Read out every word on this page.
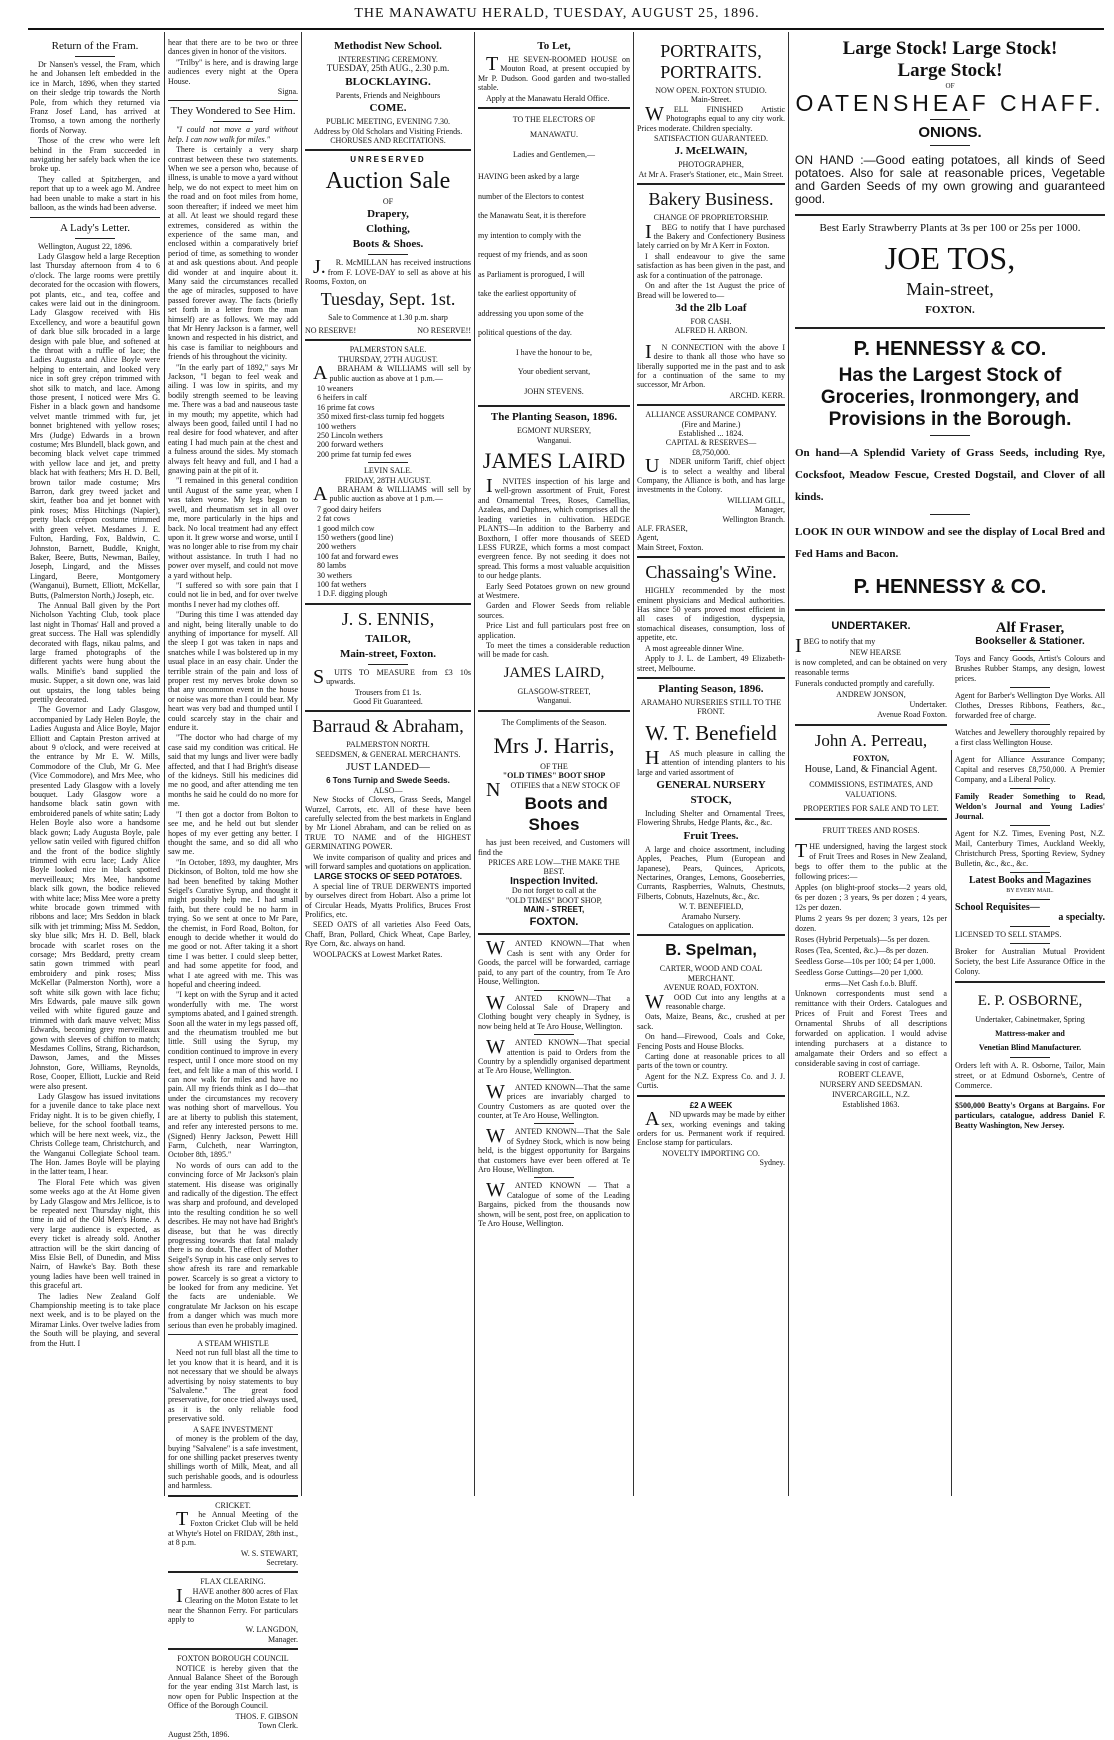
THE MANAWATU HERALD, TUESDAY, AUGUST 25, 1896.
Return of the Fram.

Dr Nansen's vessel, the Fram, which he and Johansen left embedded in the ice in March, 1896, when they started on their sledge trip towards the North Pole, from which they returned via Franz Josef Land, has arrived at Tromso, a town among the northerly fiords of Norway.

Those of the crew who were left behind in the Fram succeeded in navigating her safely back when the ice broke up.

They called at Spitzbergen, and report that up to a week ago M. Andree had been unable to make a start in his balloon, as the winds had been adverse.

A Lady's Letter.

Wellington, August 22, 1896.

Lady Glasgow held a large Reception last Thursday afternoon from 4 to 6 o'clock. The large rooms were prettily decorated for the occasion with flowers, pot plants, etc., and tea, coffee and cakes were laid out in the diningroom. Lady Glasgow received with His Excellency, and wore a beautiful gown of dark blue silk brocaded in a large design with pale blue, and softened at the throat with a ruffle of lace; the Ladies Augusta and Alice Boyle were helping to entertain, and looked very nice in soft grey crépon trimmed with shot silk to match, and lace. Among those present, I noticed were Mrs G. Fisher in a black gown and handsome velvet mantle trimmed with fur, jet bonnet brightened with yellow roses; Mrs (Judge) Edwards in a brown costume; Mrs Blundell, black gown, and becoming black velvet cape trimmed with yellow lace and jet, and pretty black hat with feathers; Mrs H. D. Bell, brown tailor made costume; Mrs Barron, dark grey tweed jacket and skirt, feather boa and jet bonnet with pink roses; Miss Hitchings (Napier), pretty black crépon costume trimmed with green velvet. Mesdames J. E. Fulton, Harding, Fox, Baldwin, C. Johnston, Barnett, Buddle, Knight, Baker, Beere, Butts, Newman, Bailey, Joseph, Lingard, and the Misses Lingard, Beere, Montgomery (Wanganui), Burnett, Elliott, McKellar, Butts, (Palmerston North,) Joseph, etc.

The Annual Ball given by the Port Nicholson Yachting Club, took place last night in Thomas' Hall and proved a great success. The Hall was splendidly decorated with flags, nikau palms, and large framed photographs of the different yachts were hung about the walls. Minifie's band supplied the music. Supper, a sit down one, was laid out upstairs, the long tables being prettily decorated.

The Governor and Lady Glasgow, accompanied by Lady Helen Boyle, the Ladies Augusta and Alice Boyle, Major Elliott and Captain Preston arrived at about 9 o'clock, and were received at the entrance by Mr E. W. Mills, Commodore of the Club, Mr G. Mee (Vice Commodore), and Mrs Mee, who presented Lady Glasgow with a lovely bouquet. Lady Glasgow wore a handsome black satin gown with embroidered panels of white satin; Lady Helen Boyle also wore a handsome black gown; Lady Augusta Boyle, pale yellow satin veiled with figured chiffon and the front of the bodice slightly trimmed with ecru lace; Lady Alice Boyle looked nice in black spotted merveilleaux; Mrs Mee, handsome black silk gown, the bodice relieved with white lace; Miss Mee wore a pretty white brocade gown trimmed with ribbons and lace; Mrs Seddon in black silk with jet trimming; Miss M. Seddon, sky blue silk; Mrs H. D. Bell, black brocade with scarlet roses on the corsage; Mrs Beddard, pretty cream satin gown trimmed with pearl embroidery and pink roses; Miss McKellar (Palmerston North), wore a soft white silk gown with lace fichu; Mrs Edwards, pale mauve silk gown veiled with white figured gauze and trimmed with dark mauve velvet; Miss Edwards, becoming grey merveilleaux gown with sleeves of chiffon to match; Mesdames Collins, Strang, Richardson, Dawson, James, and the Misses Johnston, Gore, Williams, Reynolds, Rose, Cooper, Elliott, Luckie and Reid were also present.

Lady Glasgow has issued invitations for a juvenile dance to take place next Friday night. It is to be given chiefly, I believe, for the school football teams, which will be here next week, viz., the Christs College team, Christchurch, and the Wanganui Collegiate School team. The Hon. James Boyle will be playing in the latter team, I hear.

The Floral Fete which was given some weeks ago at the At Home given by Lady Glasgow and Mrs Jellicoe, is to be repeated next Thursday night, this time in aid of the Old Men's Home. A very large audience is expected, as every ticket is already sold. Another attraction will be the skirt dancing of Miss Elsie Bell, of Dunedin, and Miss Nairn, of Hawke's Bay. Both these young ladies have been well trained in this graceful art.

The ladies New Zealand Golf Championship meeting is to take place next week, and is to be played on the Miramar Links. Over twelve ladies from the South will be playing, and several from the Hutt. I

hear that there are to be two or three dances given in honor of the visitors.

"Trilby" is here, and is drawing large audiences every night at the Opera House.

Signa.
They Wondered to See Him.

"I could not move a yard without help. I can now walk for miles."

There is certainly a very sharp contrast between these two statements. When we see a person who, because of illness, is unable to move a yard without help, we do not expect to meet him on the road and on foot miles from home, soon thereafter; if indeed we meet him at all. At least we should regard these extremes, considered as within the experience of the same man, and enclosed within a comparatively brief period of time, as something to wonder at and ask questions about. And people did wonder at and inquire about it. Many said the circumstances recalled the age of miracles, supposed to have passed forever away. The facts (briefly set forth in a letter from the man himself) are as follows. We may add that Mr Henry Jackson is a farmer, well known and respected in his district, and his case is familiar to neighbours and friends of his throughout the vicinity.

"In the early part of 1892," says Mr Jackson, "I began to feel weak and ailing. I was low in spirits, and my bodily strength seemed to be leaving me. There was a bad and nauseous taste in my mouth; my appetite, which had always been good, failed until I had no real desire for food whatever, and after eating I had much pain at the chest and a fulness around the sides. My stomach always felt heavy and full, and I had a gnawing pain at the pit of it.

"I remained in this general condition until August of the same year, when I was taken worse. My legs began to swell, and rheumatism set in all over me, more particularly in the hips and back. No local treatment had any effect upon it. It grew worse and worse, until I was no longer able to rise from my chair without assistance. In truth I had no power over myself, and could not move a yard without help.

"I suffered so with sore pain that I could not lie in bed, and for over twelve months I never had my clothes off.

"During this time I was attended day and night, being literally unable to do anything of importance for myself. All the sleep I got was taken in naps and snatches while I was bolstered up in my usual place in an easy chair. Under the terrible strain of the pain and loss of proper rest my nerves broke down so that any uncommon event in the house or noise was more than I could bear. My heart was very bad and thumped until I could scarcely stay in the chair and endure it.

"The doctor who had charge of my case said my condition was critical. He said that my lungs and liver were badly affected, and that I had Bright's disease of the kidneys. Still his medicines did me no good, and after attending me ten months he said he could do no more for me.

"I then got a doctor from Bolton to see me, and he held out but slender hopes of my ever getting any better. I thought the same, and so did all who saw me.

"In October, 1893, my daughter, Mrs Dickinson, of Bolton, told me how she had been benefited by taking Mother Seigel's Curative Syrup, and thought it might possibly help me. I had small faith, but there could be no harm in trying. So we sent at once to Mr Pare, the chemist, in Ford Road, Bolton, for enough to decide whether it would do me good or not. After taking it a short time I was better. I could sleep better, and had some appetite for food, and what I ate agreed with me. This was hopeful and cheering indeed.

"I kept on with the Syrup and it acted wonderfully with me. The worst symptoms abated, and I gained strength. Soon all the water in my legs passed off, and the rheumatism troubled me but little. Still using the Syrup, my condition continued to improve in every respect, until I once more stood on my feet, and felt like a man of this world. I can now walk for miles and have no pain. All my friends think as I do—that under the circumstances my recovery was nothing short of marvellous. You are at liberty to publish this statement, and refer any interested persons to me. (Signed) Henry Jackson, Pewett Hill Farm, Culcheth, near Warrington, October 8th, 1895."

No words of ours can add to the convincing force of Mr Jackson's plain statement. His disease was originally and radically of the digestion. The effect was sharp and profound, and developed into the resulting condition he so well describes. He may not have had Bright's disease, but that he was directly progressing towards that fatal malady there is no doubt. The effect of Mother Seigel's Syrup in his case only serves to show afresh its rare and remarkable power. Scarcely is so great a victory to be looked for from any medicine. Yet the facts are undeniable. We congratulate Mr Jackson on his escape from a danger which was much more serious than even he probably imagined.

A STEAM WHISTLE

Need not run full blast all the time to let you know that it is heard, and it is not necessary that we should be always advertising by noisy statements to buy "Salvalene." The great food preservative, for once tried always used, as it is the only reliable food preservative sold.

A SAFE INVESTMENT

of money is the problem of the day, buying "Salvalene" is a safe investment, for one shilling packet preserves twenty shillings worth of Milk, Meat, and all such perishable goods, and is odourless and harmless.

CRICKET.

The Annual Meeting of the Foxton Cricket Club will be held at Whyte's Hotel on FRIDAY, 28th inst., at 8 p.m.

W. S. STEWART,
Secretary.
FLAX CLEARING.

IHAVE another 800 acres of Flax Clearing on the Moton Estate to let near the Shannon Ferry. For particulars apply to

W. LANGDON,
Manager.
FOXTON BOROUGH COUNCIL

NOTICE is hereby given that the Annual Balance Sheet of the Borough for the year ending 31st March last, is now open for Public Inspection at the Office of the Borough Council.

THOS. F. GIBSON
Town Clerk.
August 25th, 1896.
Methodist New School.
INTERESTING CEREMONY.
TUESDAY, 25th AUG., 2.30 p.m.
BLOCKLAYING.
Parents, Friends and Neighbours
COME.
PUBLIC MEETING, EVENING 7.30.
Address by Old Scholars and Visiting Friends.
CHORUSES AND RECITATIONS.
UNRESERVED
Auction Sale
OF
Drapery,
Clothing,
Boots & Shoes.

J.R. McMILLAN has received instructions from F. LOVE-DAY to sell as above at his Rooms, Foxton, on

Tuesday, Sept. 1st.
Sale to Commence at 1.30 p.m. sharp
NO RESERVE!	NO RESERVE!!
PALMERSTON SALE.
THURSDAY, 27TH AUGUST.

ABRAHAM & WILLIAMS will sell by public auction as above at 1 p.m.—

10 weaners
6 heifers in calf
16 prime fat cows
350 mixed first-class turnip fed hoggets
100 wethers
250 Lincoln wethers
200 forward wethers
200 prime fat turnip fed ewes
LEVIN SALE.
FRIDAY, 28TH AUGUST.

ABRAHAM & WILLIAMS will sell by public auction as above at 1 p.m.—

7 good dairy heifers
2 fat cows
1 good milch cow
150 wethers (good line)
200 wethers
100 fat and forward ewes
80 lambs
30 wethers
100 fat wethers
1 D.F. digging plough
J. S. ENNIS,
TAILOR,
Main-street, Foxton.

SUITS TO MEASURE from £3 10s upwards.

Trousers from £1 1s.
Good Fit Guaranteed.
Barraud & Abraham,
PALMERSTON NORTH.
SEEDSMEN, & GENERAL MERCHANTS.
JUST LANDED—
6 Tons Turnip and Swede Seeds.
ALSO—

New Stocks of Clovers, Grass Seeds, Mangel Wurzel, Carrots, etc. All of these have been carefully selected from the best markets in England by Mr Lionel Abraham, and can be relied on as TRUE TO NAME and of the HIGHEST GERMINATING POWER.

We invite comparison of quality and prices and will forward samples and quotations on application.

LARGE STOCKS OF SEED POTATOES.

A special line of TRUE DERWENTS imported by ourselves direct from Hobart. Also a prime lot of Circular Heads, Myatts Prolifics, Bruces Frost Prolifics, etc.

SEED OATS of all varieties Also Feed Oats, Chaff, Bran, Pollard, Chick Wheat, Cape Barley, Rye Corn, &c. always on hand.

WOOLPACKS at Lowest Market Rates.

To Let,

THE SEVEN-ROOMED HOUSE on Mouton Road, at present occupied by Mr P. Dudson. Good garden and two-stalled stable.

Apply at the Manawatu Herald Office.

TO THE ELECTORS OF
MANAWATU.
Ladies and Gentlemen,—
HAVING been asked by a large
number of the Electors to contest
the Manawatu Seat, it is therefore
my intention to comply with the
request of my friends, and as soon
as Parliament is prorogued, I will
take the earliest opportunity of
addressing you upon some of the
political questions of the day.
I have the honour to be,
Your obedient servant,
JOHN STEVENS.
The Planting Season, 1896.
EGMONT NURSERY,
Wanganui.
JAMES LAIRD

INVITES inspection of his large and well-grown assortment of Fruit, Forest and Ornamental Trees, Roses, Camellias, Azaleas, and Daphnes, which comprises all the leading varieties in cultivation. HEDGE PLANTS—In addition to the Barberry and Boxthorn, I offer more thousands of SEED LESS FURZE, which forms a most compact evergreen fence. By not seeding it does not spread. This forms a most valuable acquisition to our hedge plants.

Early Seed Potatoes grown on new ground at Westmere.

Garden and Flower Seeds from reliable sources.

Price List and full particulars post free on application.

To meet the times a considerable reduction will be made for cash.

JAMES LAIRD,
GLASGOW-STREET,
Wanganui.
The Compliments of the Season.
Mrs J. Harris,
OF THE
"OLD TIMES" BOOT SHOP

NOTIFIES that a NEW STOCK OF

Boots and Shoes

has just been received, and Customers will find the

PRICES ARE LOW—THE MAKE THE BEST.
Inspection Invited.
Do not forget to call at the
"OLD TIMES" BOOT SHOP,
MAIN - STREET,
FOXTON.

WANTED KNOWN—That when Cash is sent with any Order for Goods, the parcel will be forwarded, carriage paid, to any part of the country, from Te Aro House, Wellington.

WANTED KNOWN—That a Colossal Sale of Drapery and Clothing bought very cheaply in Sydney, is now being held at Te Aro House, Wellington.

WANTED KNOWN—That special attention is paid to Orders from the Country by a splendidly organised department at Te Aro House, Wellington.

WANTED KNOWN—That the same prices are invariably charged to Country Customers as are quoted over the counter, at Te Aro House, Wellington.

WANTED KNOWN—That the Sale of Sydney Stock, which is now being held, is the biggest opportunity for Bargains that customers have ever been offered at Te Aro House, Wellington.

WANTED KNOWN — That a Catalogue of some of the Leading Bargains, picked from the thousands now shown, will be sent, post free, on application to Te Aro House, Wellington.

PORTRAITS, PORTRAITS.
NOW OPEN. FOXTON STUDIO.
Main-Street.

WELL FINISHED Artistic Photographs equal to any city work. Prices moderate. Children specialty.

SATISFACTION GUARANTEED.
J. McELWAIN,
PHOTOGRAPHER,
At Mr A. Fraser's Stationer, etc., Main Street.
Bakery Business.
CHANGE OF PROPRIETORSHIP.

IBEG to notify that I have purchased the Bakery and Confectionery Business lately carried on by Mr A Kerr in Foxton.

I shall endeavour to give the same satisfaction as has been given in the past, and ask for a continuation of the patronage.

On and after the 1st August the price of Bread will be lowered to—

3d the 2lb Loaf
FOR CASH.
ALFRED H. ARBON.

IN CONNECTION with the above I desire to thank all those who have so liberally supported me in the past and to ask for a continuation of the same to my successor, Mr Arbon.

ARCHD. KERR.
ALLIANCE ASSURANCE COMPANY.
(Fire and Marine.)
Established ... 1824.
CAPITAL & RESERVES—
£8,750,000.

UNDER uniform Tariff, chief object is to select a wealthy and liberal Company, the Alliance is both, and has large investments in the Colony.

WILLIAM GILL,
Manager,
Wellington Branch.
ALF. FRASER,
Agent,
Main Street, Foxton.
Chassaing's Wine.

HIGHLY recommended by the most eminent physicians and Medical authorities. Has since 50 years proved most efficient in all cases of indigestion, dyspepsia, stomachical diseases, consumption, loss of appetite, etc.

A most agreeable dinner Wine.

Apply to J. L. de Lambert, 49 Elizabeth-street, Melbourne.

Planting Season, 1896.
ARAMAHO NURSERIES STILL TO THE FRONT.
W. T. Benefield

HAS much pleasure in calling the attention of intending planters to his large and varied assortment of

GENERAL NURSERY
STOCK,

Including Shelter and Ornamental Trees, Flowering Shrubs, Hedge Plants, &c., &c.

Fruit Trees.

A large and choice assortment, including Apples, Peaches, Plum (European and Japanese), Pears, Quinces, Apricots, Nectarines, Oranges, Lemons, Gooseberries, Currants, Raspberries, Walnuts, Chestnuts, Filberts, Cobnuts, Hazelnuts, &c., &c.

W. T. BENEFIELD,
Aramaho Nursery.
Catalogues on application.
B. Spelman,
CARTER, WOOD AND COAL MERCHANT.
AVENUE ROAD, FOXTON.

WOOD Cut into any lengths at a reasonable charge.

Oats, Maize, Beans, &c., crushed at per sack.

On hand—Firewood, Coals and Coke, Fencing Posts and House Blocks.

Carting done at reasonable prices to all parts of the town or country.

Agent for the N.Z. Express Co. and J. J. Curtis.

£2 A WEEK

AND upwards may be made by either sex, working evenings and taking orders for us. Permanent work if required. Enclose stamp for particulars.

NOVELTY IMPORTING CO.
Sydney.
Large Stock! Large Stock!
Large Stock!
OF
OATENSHEAF CHAFF.
ONIONS.

ON HAND :—Good eating potatoes, all kinds of Seed potatoes. Also for sale at reasonable prices, Vegetable and Garden Seeds of my own growing and guaranteed good.

Best Early Strawberry Plants at 3s per 100 or 25s per 1000.
JOE TOS,
Main-street,
FOXTON.
P. HENNESSY & CO.
Has the Largest Stock of Groceries, Ironmongery, and Provisions in the Borough.

On hand—A Splendid Variety of Grass Seeds, including Rye, Cocksfoot, Meadow Fescue, Crested Dogstail, and Clover of all kinds.

LOOK IN OUR WINDOW and see the display of Local Bred and Fed Hams and Bacon.

P. HENNESSY & CO.
UNDERTAKER.

IBEG to notify that my

NEW HEARSE

is now completed, and can be obtained on very reasonable terms

Funerals conducted promptly and carefully.

ANDREW JONSON,
Undertaker.
Avenue Road Foxton.
John A. Perreau,
FOXTON,
House, Land, & Financial Agent.
COMMISSIONS, ESTIMATES, AND VALUATIONS.
PROPERTIES FOR SALE AND TO LET.
FRUIT TREES AND ROSES.

THE undersigned, having the largest stock of Fruit Trees and Roses in New Zealand, begs to offer them to the public at the following prices:—

Apples (on blight-proof stocks—2 years old, 6s per dozen ; 3 years, 9s per dozen ; 4 years, 12s per dozen.

Plums 2 years 9s per dozen; 3 years, 12s per dozen.

Roses (Hybrid Perpetuals)—5s per dozen.

Roses (Tea, Scented, &c.)—8s per dozen.

Seedless Gorse—10s per 100; £4 per 1,000.

Seedless Gorse Cuttings—20 per 1,000.

erms—Net Cash f.o.b. Bluff.

Unknown correspondents must send a remittance with their Orders. Catalogues and Prices of Fruit and Forest Trees and Ornamental Shrubs of all descriptions forwarded on application. I would advise intending purchasers at a distance to amalgamate their Orders and so effect a considerable saving in cost of carriage.

ROBERT CLEAVE,
NURSERY AND SEEDSMAN.
INVERCARGILL, N.Z.
Established 1863.
Alf Fraser,
Bookseller & Stationer.

Toys and Fancy Goods, Artist's Colours and Brushes Rubber Stamps, any design, lowest prices.

Agent for Barber's Wellington Dye Works. All Clothes, Dresses Ribbons, Feathers, &c., forwarded free of charge.

Watches and Jewellery thoroughly repaired by a first class Wellington House.

Agent for Alliance Assurance Company; Capital and reserves £8,750,000. A Premier Company, and a Liberal Policy.

Family Reader Something to Read, Weldon's Journal and Young Ladies' Journal.

Agent for N.Z. Times, Evening Post, N.Z. Mail, Canterbury Times, Auckland Weekly, Christchurch Press, Sporting Review, Sydney Bulletin, &c., &c., &c.

Latest Books and Magazines
BY EVERY MAIL.
School Requisites—
a specialty.
LICENSED TO SELL STAMPS.

Broker for Australian Mutual Provident Society, the best Life Assurance Office in the Colony.

E. P. OSBORNE,
Undertaker, Cabinetmaker, Spring
Mattress-maker and
Venetian Blind Manufacturer.

Orders left with A. R. Osborne, Tailor, Main street, or at Edmund Osborne's, Centre of Commerce.

$500,000 Beatty's Organs at Bargains. For particulars, catalogue, address Daniel F. Beatty Washington, New Jersey.
